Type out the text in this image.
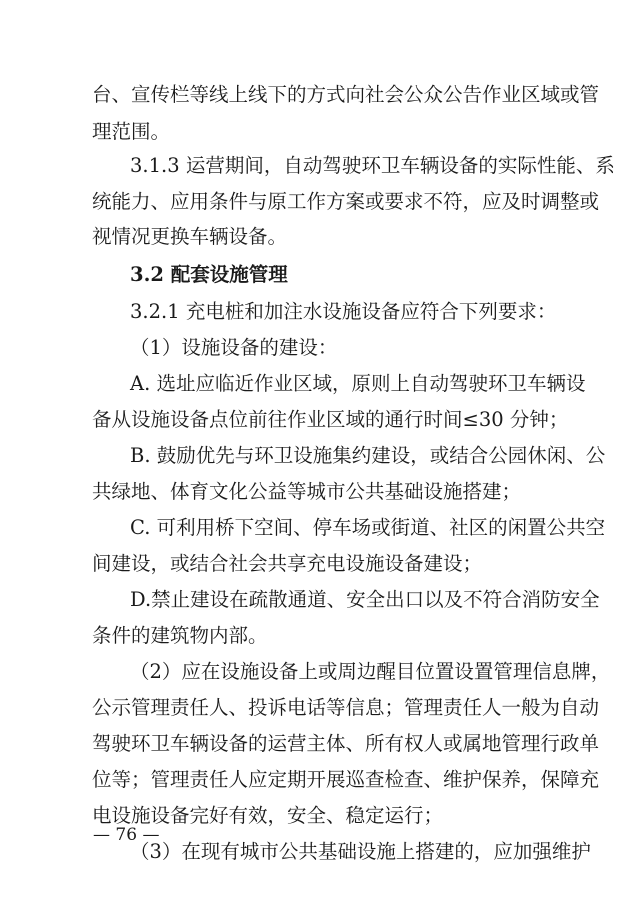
台、宣传栏等线上线下的方式向社会公众公告作业区域或管
理范围。
3.1.3 运营期间，自动驾驶环卫车辆设备的实际性能、系
统能力、应用条件与原工作方案或要求不符，应及时调整或
视情况更换车辆设备。
3.2 配套设施管理
3.2.1 充电桩和加注水设施设备应符合下列要求：
（1）设施设备的建设：
A. 选址应临近作业区域，原则上自动驾驶环卫车辆设
备从设施设备点位前往作业区域的通行时间≤30 分钟；
B. 鼓励优先与环卫设施集约建设，或结合公园休闲、公
共绿地、体育文化公益等城市公共基础设施搭建；
C. 可利用桥下空间、停车场或街道、社区的闲置公共空
间建设，或结合社会共享充电设施设备建设；
D.禁止建设在疏散通道、安全出口以及不符合消防安全
条件的建筑物内部。
（2）应在设施设备上或周边醒目位置设置管理信息牌，
公示管理责任人、投诉电话等信息；管理责任人一般为自动
驾驶环卫车辆设备的运营主体、所有权人或属地管理行政单
位等；管理责任人应定期开展巡查检查、维护保养，保障充
电设施设备完好有效，安全、稳定运行；
（3）在现有城市公共基础设施上搭建的，应加强维护
— 76 —
